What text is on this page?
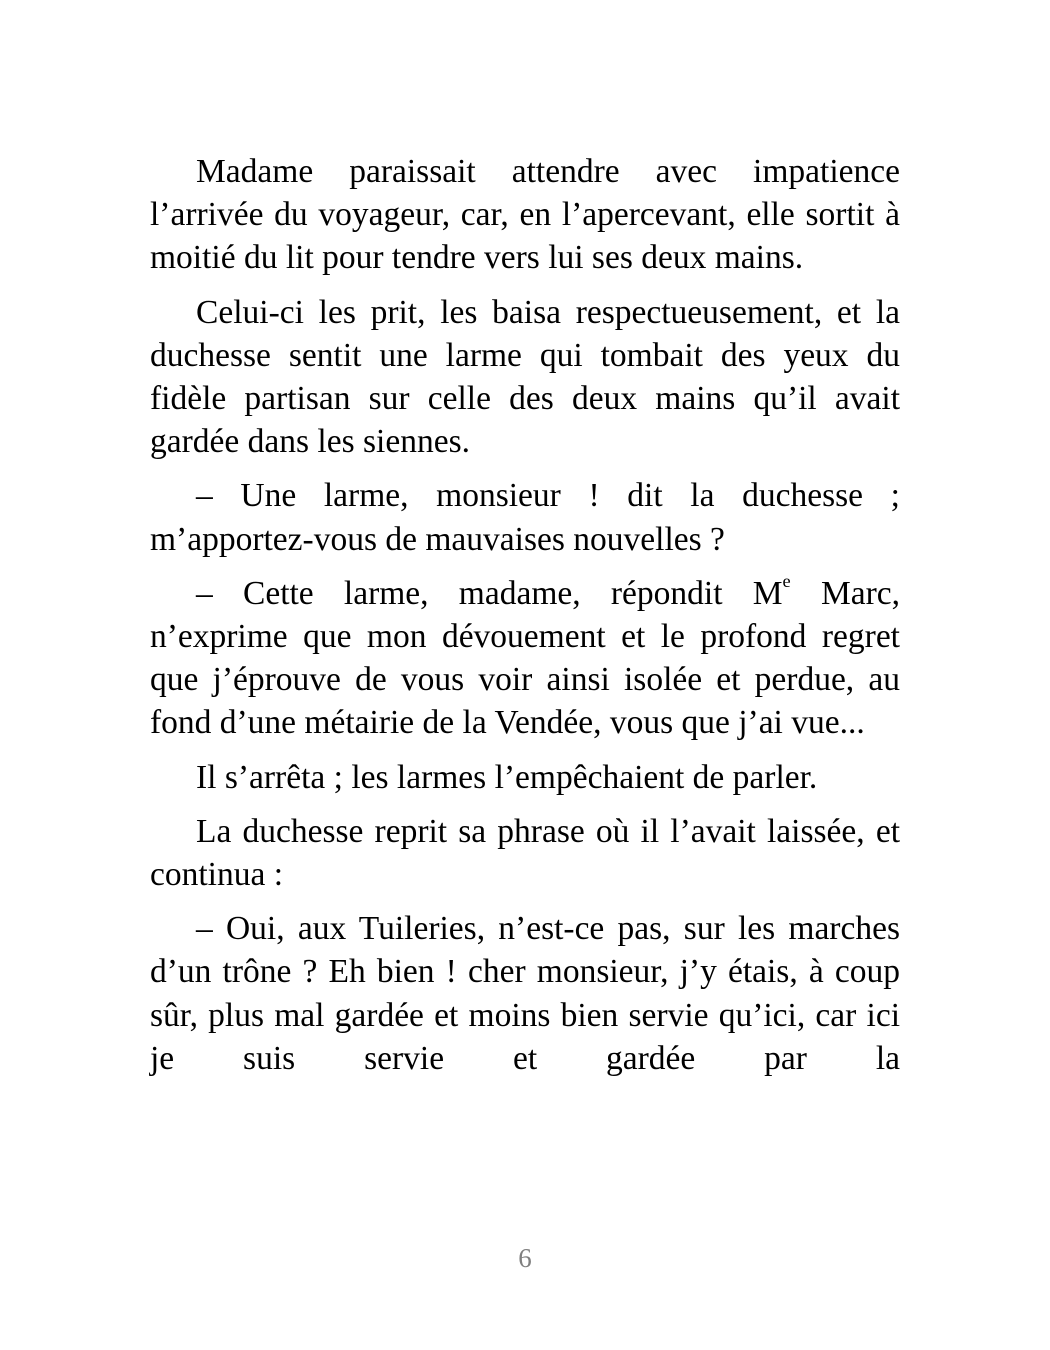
Madame paraissait attendre avec impatience l’arrivée du voyageur, car, en l’apercevant, elle sortit à moitié du lit pour tendre vers lui ses deux mains.

Celui-ci les prit, les baisa respectueusement, et la duchesse sentit une larme qui tombait des yeux du fidèle partisan sur celle des deux mains qu’il avait gardée dans les siennes.

– Une larme, monsieur ! dit la duchesse ; m’apportez-vous de mauvaises nouvelles ?

– Cette larme, madame, répondit Me Marc, n’exprime que mon dévouement et le profond regret que j’éprouve de vous voir ainsi isolée et perdue, au fond d’une métairie de la Vendée, vous que j’ai vue...

Il s’arrêta ; les larmes l’empêchaient de parler.

La duchesse reprit sa phrase où il l’avait laissée, et continua :

– Oui, aux Tuileries, n’est-ce pas, sur les marches d’un trône ? Eh bien ! cher monsieur, j’y étais, à coup sûr, plus mal gardée et moins bien servie qu’ici, car ici je suis servie et gardée par la

6
